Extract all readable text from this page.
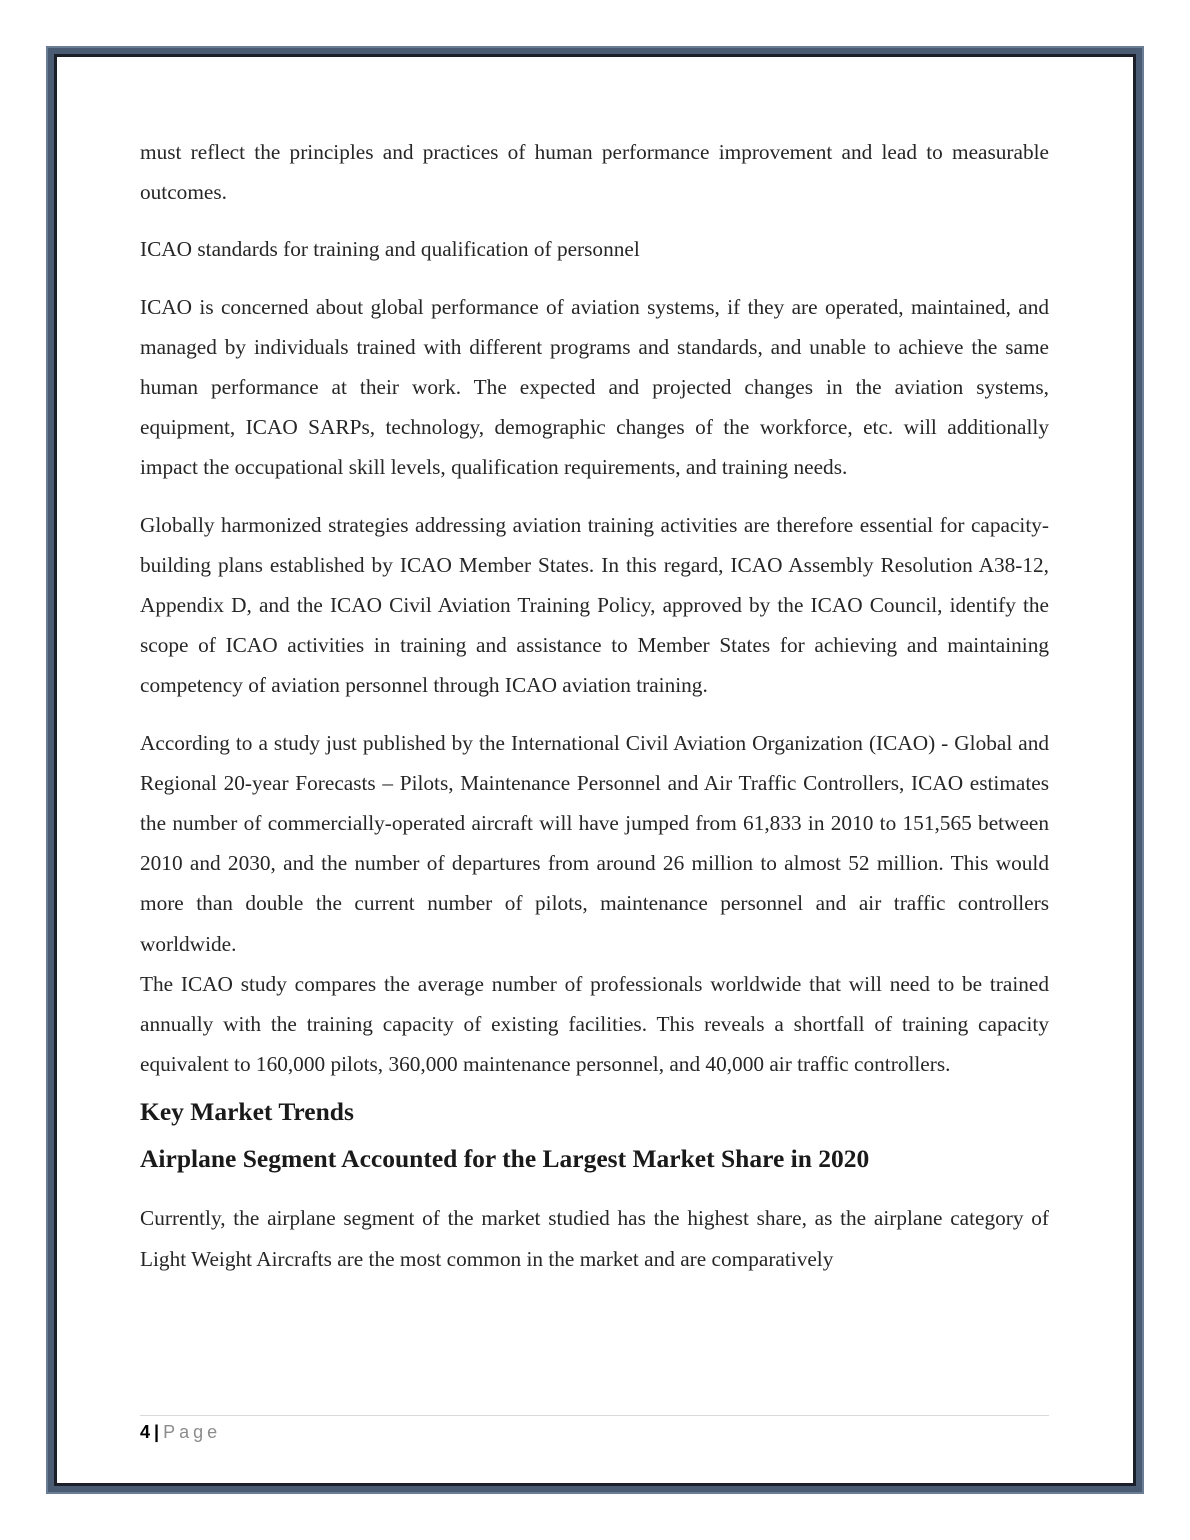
must reflect the principles and practices of human performance improvement and lead to measurable outcomes.

ICAO standards for training and qualification of personnel

ICAO is concerned about global performance of aviation systems, if they are operated, maintained, and managed by individuals trained with different programs and standards, and unable to achieve the same human performance at their work. The expected and projected changes in the aviation systems, equipment, ICAO SARPs, technology, demographic changes of the workforce, etc. will additionally impact the occupational skill levels, qualification requirements, and training needs.

Globally harmonized strategies addressing aviation training activities are therefore essential for capacity-building plans established by ICAO Member States. In this regard, ICAO Assembly Resolution A38-12, Appendix D, and the ICAO Civil Aviation Training Policy, approved by the ICAO Council, identify the scope of ICAO activities in training and assistance to Member States for achieving and maintaining competency of aviation personnel through ICAO aviation training.

According to a study just published by the International Civil Aviation Organization (ICAO) - Global and Regional 20-year Forecasts – Pilots, Maintenance Personnel and Air Traffic Controllers, ICAO estimates the number of commercially-operated aircraft will have jumped from 61,833 in 2010 to 151,565 between 2010 and 2030, and the number of departures from around 26 million to almost 52 million. This would more than double the current number of pilots, maintenance personnel and air traffic controllers worldwide.

The ICAO study compares the average number of professionals worldwide that will need to be trained annually with the training capacity of existing facilities. This reveals a shortfall of training capacity equivalent to 160,000 pilots, 360,000 maintenance personnel, and 40,000 air traffic controllers.

Key Market Trends
Airplane Segment Accounted for the Largest Market Share in 2020

Currently, the airplane segment of the market studied has the highest share, as the airplane category of Light Weight Aircrafts are the most common in the market and are comparatively

4 | Page
